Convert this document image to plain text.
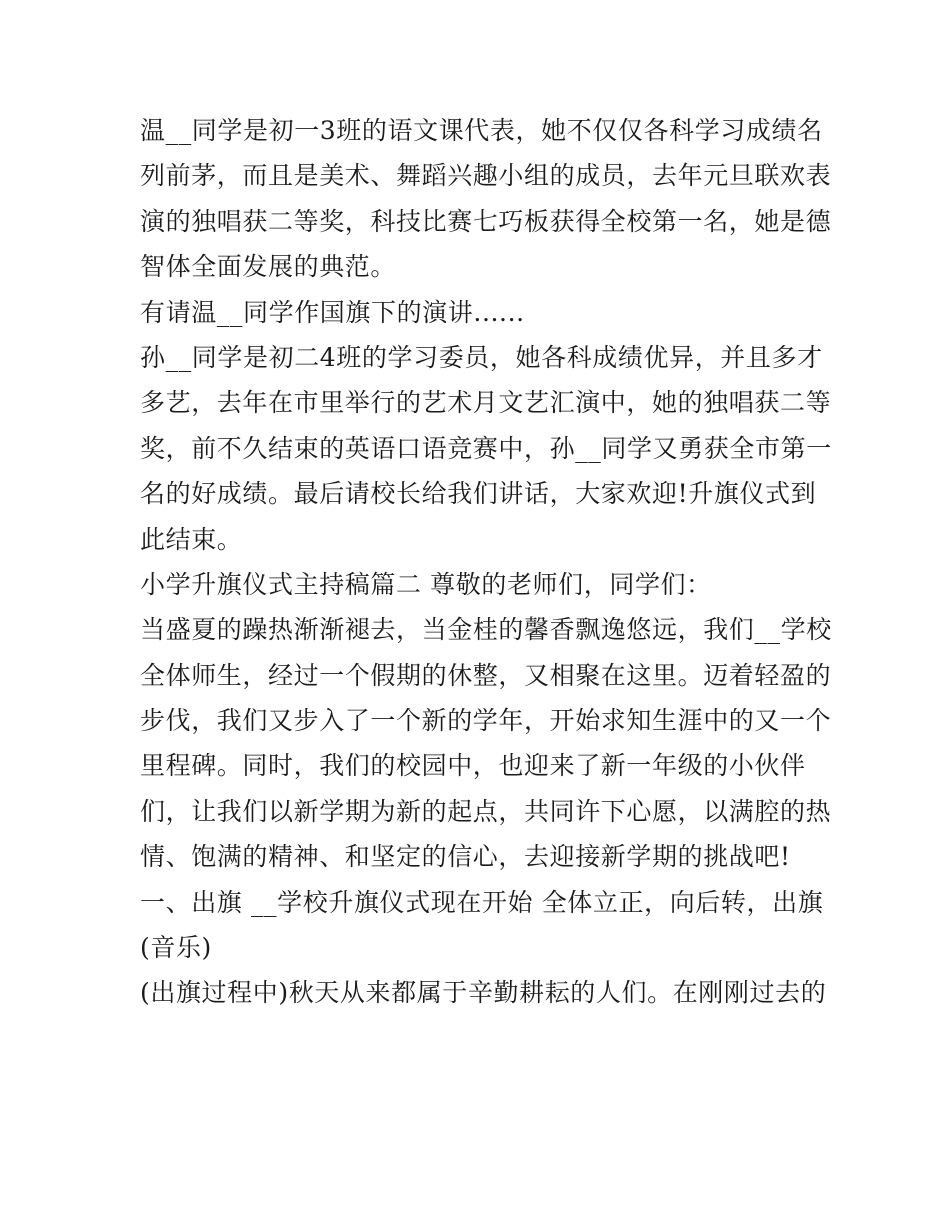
温__同学是初一3班的语文课代表，她不仅仅各科学习成绩名
列前茅，而且是美术、舞蹈兴趣小组的成员，去年元旦联欢表
演的独唱获二等奖，科技比赛七巧板获得全校第一名，她是德
智体全面发展的典范。
有请温__同学作国旗下的演讲......
孙__同学是初二4班的学习委员，她各科成绩优异，并且多才
多艺，去年在市里举行的艺术月文艺汇演中，她的独唱获二等
奖，前不久结束的英语口语竞赛中，孙__同学又勇获全市第一
名的好成绩。最后请校长给我们讲话，大家欢迎!升旗仪式到
此结束。
小学升旗仪式主持稿篇二 尊敬的老师们，同学们：
当盛夏的躁热渐渐褪去，当金桂的馨香飘逸悠远，我们__学校
全体师生，经过一个假期的休整，又相聚在这里。迈着轻盈的
步伐，我们又步入了一个新的学年，开始求知生涯中的又一个
里程碑。同时，我们的校园中，也迎来了新一年级的小伙伴
们，让我们以新学期为新的起点，共同许下心愿，以满腔的热
情、饱满的精神、和坚定的信心，去迎接新学期的挑战吧!
一、出旗 __学校升旗仪式现在开始 全体立正，向后转，出旗
(音乐)
(出旗过程中)秋天从来都属于辛勤耕耘的人们。在刚刚过去的
